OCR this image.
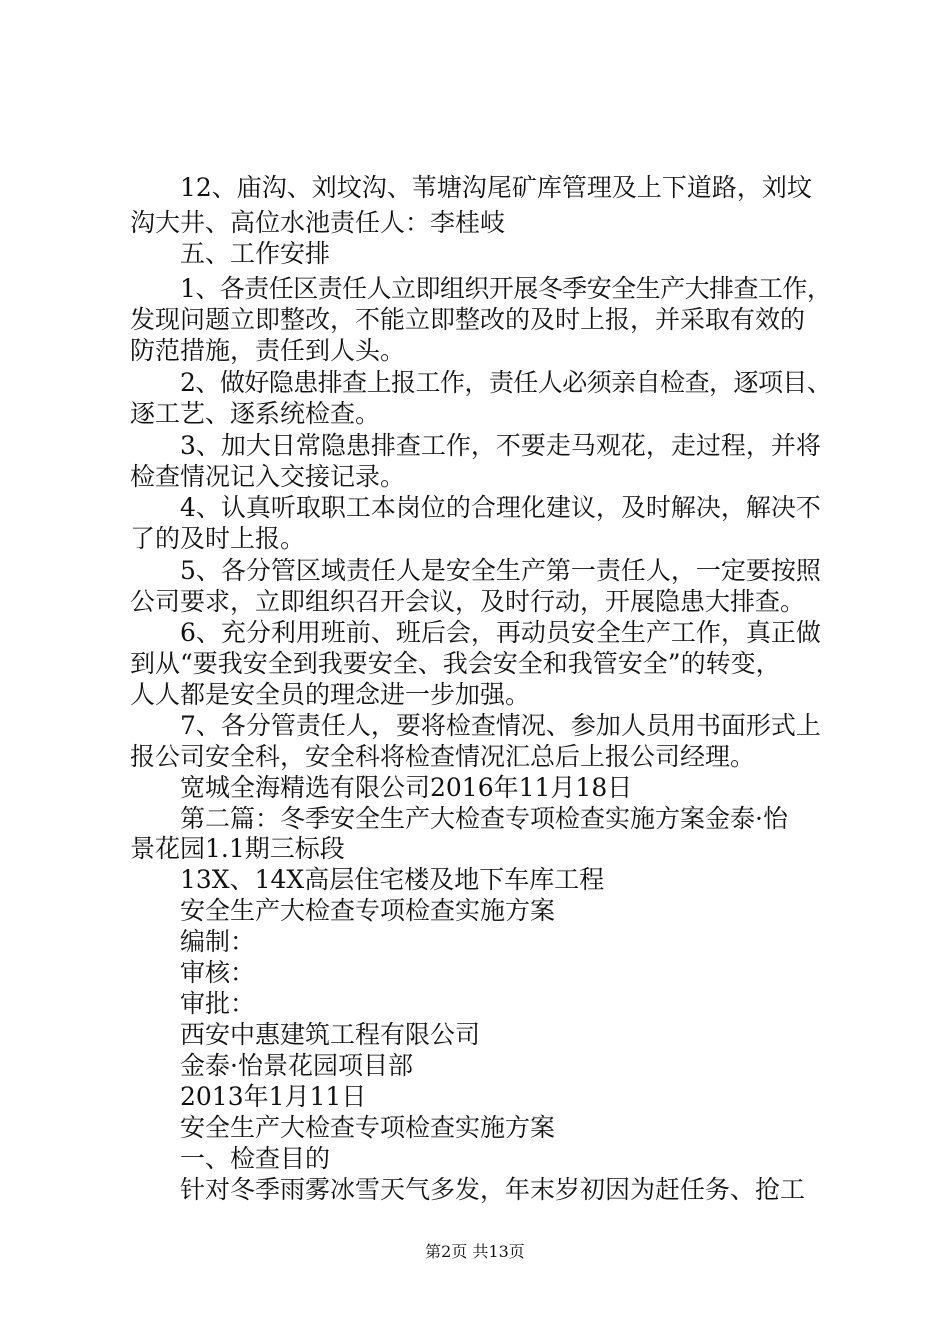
12、庙沟、刘坟沟、苇塘沟尾矿库管理及上下道路，刘坟
沟大井、高位水池责任人：李桂岐
五、工作安排
1、各责任区责任人立即组织开展冬季安全生产大排查工作，
发现问题立即整改，不能立即整改的及时上报，并采取有效的
防范措施，责任到人头。
2、做好隐患排查上报工作，责任人必须亲自检查，逐项目、
逐工艺、逐系统检查。
3、加大日常隐患排查工作，不要走马观花，走过程，并将
检查情况记入交接记录。
4、认真听取职工本岗位的合理化建议，及时解决，解决不
了的及时上报。
5、各分管区域责任人是安全生产第一责任人，一定要按照
公司要求，立即组织召开会议，及时行动，开展隐患大排查。
6、充分利用班前、班后会，再动员安全生产工作，真正做
到从“要我安全到我要安全、我会安全和我管安全”的转变，
人人都是安全员的理念进一步加强。
7、各分管责任人，要将检查情况、参加人员用书面形式上
报公司安全科，安全科将检查情况汇总后上报公司经理。
宽城全海精选有限公司2016年11月18日
第二篇：冬季安全生产大检查专项检查实施方案金泰·怡
景花园1.1期三标段
13X、14X高层住宅楼及地下车库工程
安全生产大检查专项检查实施方案
编制：
审核：
审批：
西安中惠建筑工程有限公司
金泰·怡景花园项目部
2013年1月11日
安全生产大检查专项检查实施方案
一、检查目的
针对冬季雨雾冰雪天气多发，年末岁初因为赶任务、抢工
第2页 共13页
